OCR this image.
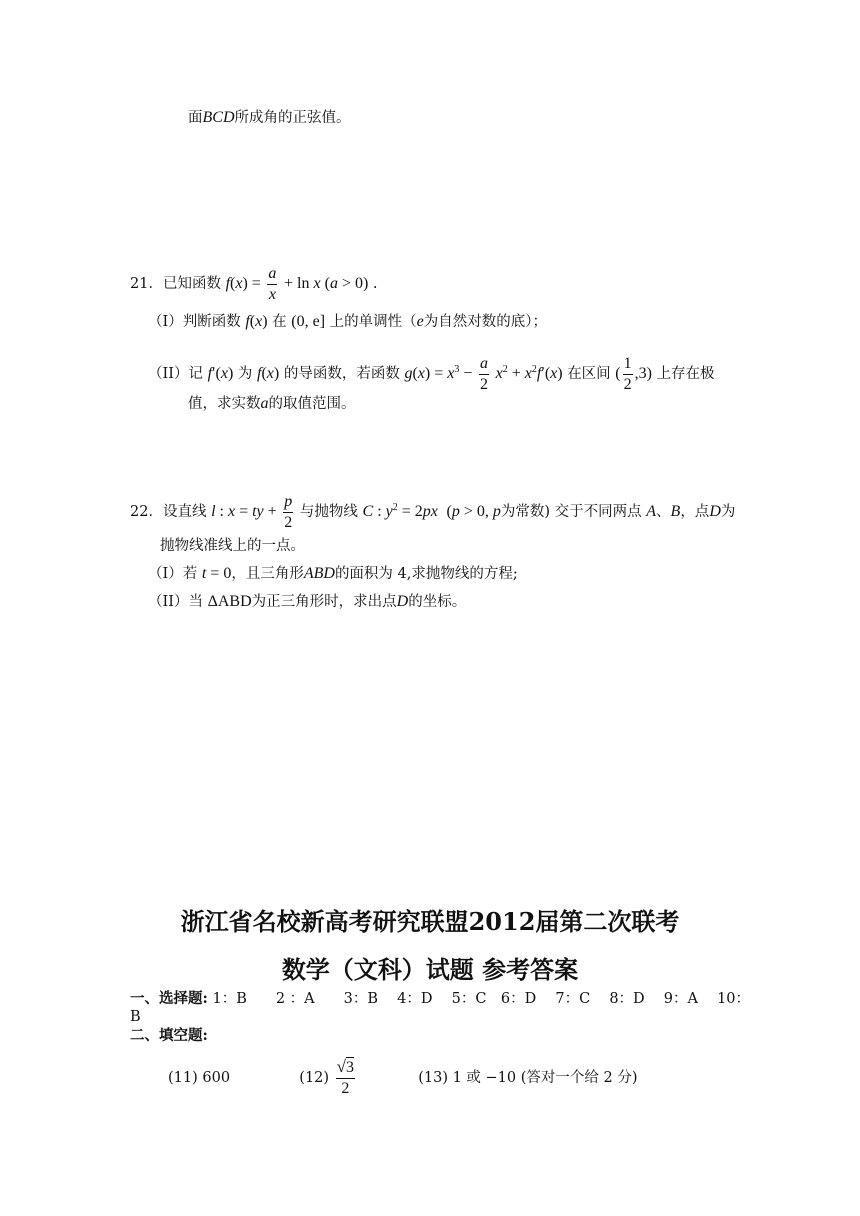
面BCD所成角的正弦值。
21．已知函数 $f(x) = \frac{a}{x} + \ln x$ (a > 0) .
（I）判断函数 f(x) 在 (0, e] 上的单调性（e为自然对数的底）；
（II）记 f′(x) 为 f(x) 的导函数，若函数 $g(x) = x^3 - \frac{a}{2} x^2 + x^2f'(x)$ 在区间 ( $\frac{1}{2} ,3$) 上存在极
值，求实数a的取值范围。
22．设直线 l : x = ty + $\frac{p}{2}$ 与抛物线 C : $y^2 = 2px$  (p > 0, p为常数) 交于不同两点 A、B，点D为
抛物线准线上的一点。
（I）若 t = 0，且三角形ABD的面积为 4,求抛物线的方程;
（II）当 ΔABD为正三角形时，求出点D的坐标。
浙江省名校新高考研究联盟2012届第二次联考
数学（文科）试题 参考答案
一、选择题: 1：B　　2 ：A　　3：B　 4：D　 5：C　6：D　 7：C　 8：D　 9：A　 10：
B
二、填空题:
(11) 600	$(12) \frac{√3}{2}$	(13) 1 或 −10 (答对一个给 2 分)
